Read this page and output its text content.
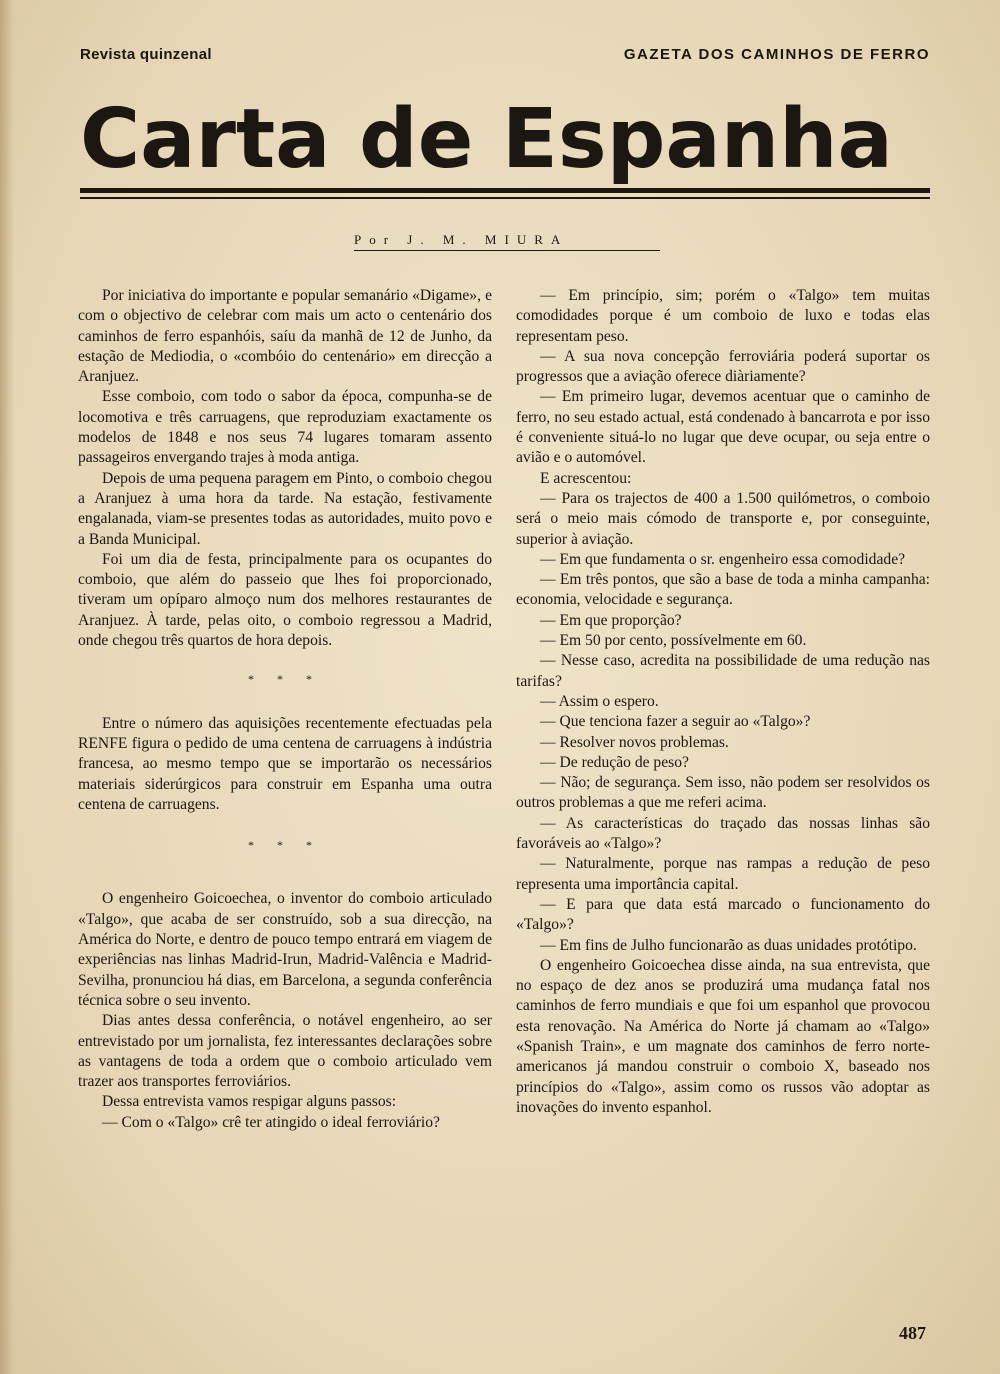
Revista quinzenal	GAZETA DOS CAMINHOS DE FERRO
Carta de Espanha
Por J. M. MIURA

Por iniciativa do importante e popular semanário «Digame», e com o objectivo de celebrar com mais um acto o centenário dos caminhos de ferro espanhóis, saíu da manhã de 12 de Junho, da estação de Mediodia, o «combóio do centenário» em direcção a Aranjuez.

Esse comboio, com todo o sabor da época, compunha-se de locomotiva e três carruagens, que reproduziam exactamente os modelos de 1848 e nos seus 74 lugares tomaram assento passageiros envergando trajes à moda antiga.

Depois de uma pequena paragem em Pinto, o comboio chegou a Aranjuez à uma hora da tarde. Na estação, festivamente engalanada, viam-se presentes todas as autoridades, muito povo e a Banda Municipal.

Foi um dia de festa, principalmente para os ocupantes do comboio, que além do passeio que lhes foi proporcionado, tiveram um opíparo almoço num dos melhores restaurantes de Aranjuez. À tarde, pelas oito, o comboio regressou a Madrid, onde chegou três quartos de hora depois.

* * *

Entre o número das aquisições recentemente efectuadas pela RENFE figura o pedido de uma centena de carruagens à indústria francesa, ao mesmo tempo que se importarão os necessários materiais siderúrgicos para construir em Espanha uma outra centena de carruagens.

* * *

O engenheiro Goicoechea, o inventor do comboio articulado «Talgo», que acaba de ser construído, sob a sua direcção, na América do Norte, e dentro de pouco tempo entrará em viagem de experiências nas linhas Madrid-Irun, Madrid-Valência e Madrid-Sevilha, pronunciou há dias, em Barcelona, a segunda conferência técnica sobre o seu invento.

Dias antes dessa conferência, o notável engenheiro, ao ser entrevistado por um jornalista, fez interessantes declarações sobre as vantagens de toda a ordem que o comboio articulado vem trazer aos transportes ferroviários.

Dessa entrevista vamos respigar alguns passos:

— Com o «Talgo» crê ter atingido o ideal ferroviário?

— Em princípio, sim; porém o «Talgo» tem muitas comodidades porque é um comboio de luxo e todas elas representam peso.

— A sua nova concepção ferroviária poderá suportar os progressos que a aviação oferece diàriamente?

— Em primeiro lugar, devemos acentuar que o caminho de ferro, no seu estado actual, está condenado à bancarrota e por isso é conveniente situá-lo no lugar que deve ocupar, ou seja entre o avião e o automóvel.

E acrescentou:

— Para os trajectos de 400 a 1.500 quilómetros, o comboio será o meio mais cómodo de transporte e, por conseguinte, superior à aviação.

— Em que fundamenta o sr. engenheiro essa comodidade?

— Em três pontos, que são a base de toda a minha campanha: economia, velocidade e segurança.

— Em que proporção?

— Em 50 por cento, possívelmente em 60.

— Nesse caso, acredita na possibilidade de uma redução nas tarifas?

— Assim o espero.

— Que tenciona fazer a seguir ao «Talgo»?

— Resolver novos problemas.

— De redução de peso?

— Não; de segurança. Sem isso, não podem ser resolvidos os outros problemas a que me referi acima.

— As características do traçado das nossas linhas são favoráveis ao «Talgo»?

— Naturalmente, porque nas rampas a redução de peso representa uma importância capital.

— E para que data está marcado o funcionamento do «Talgo»?

— Em fins de Julho funcionarão as duas unidades protótipo.

O engenheiro Goicoechea disse ainda, na sua entrevista, que no espaço de dez anos se produzirá uma mudança fatal nos caminhos de ferro mundiais e que foi um espanhol que provocou esta renovação. Na América do Norte já chamam ao «Talgo» «Spanish Train», e um magnate dos caminhos de ferro norte-americanos já mandou construir o comboio X, baseado nos princípios do «Talgo», assim como os russos vão adoptar as inovações do invento espanhol.

487
